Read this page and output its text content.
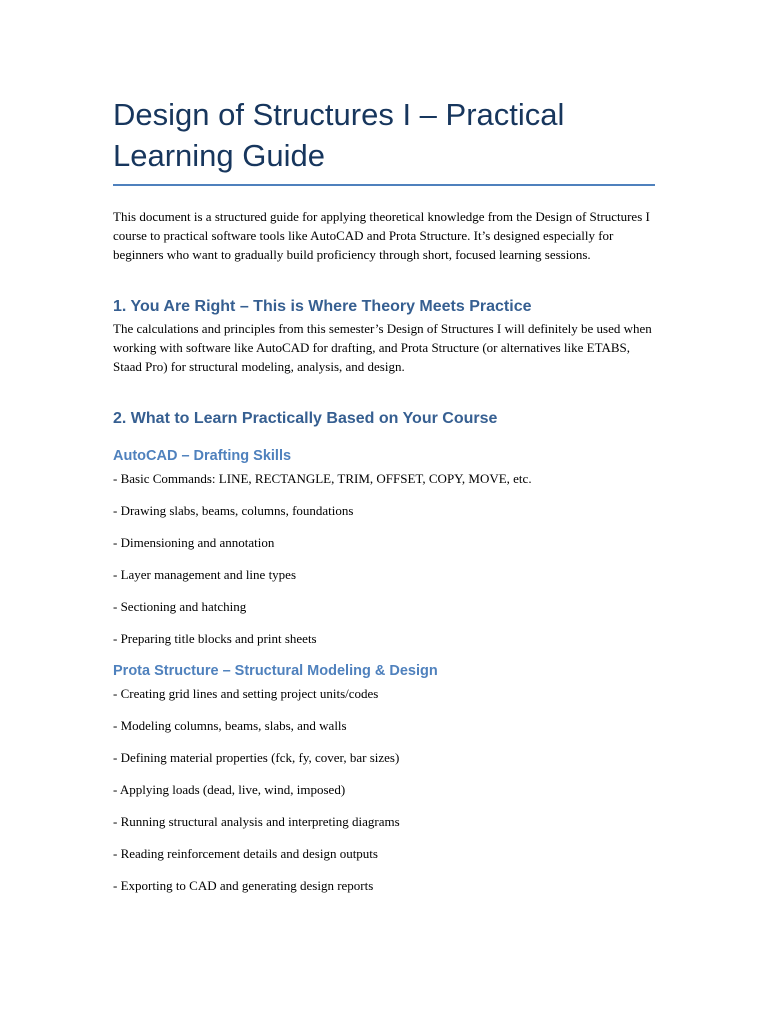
Design of Structures I – Practical Learning Guide

This document is a structured guide for applying theoretical knowledge from the Design of Structures I course to practical software tools like AutoCAD and Prota Structure. It’s designed especially for beginners who want to gradually build proficiency through short, focused learning sessions.

1. You Are Right – This is Where Theory Meets Practice

The calculations and principles from this semester’s Design of Structures I will definitely be used when working with software like AutoCAD for drafting, and Prota Structure (or alternatives like ETABS, Staad Pro) for structural modeling, analysis, and design.

2. What to Learn Practically Based on Your Course
AutoCAD – Drafting Skills

- Basic Commands: LINE, RECTANGLE, TRIM, OFFSET, COPY, MOVE, etc.

- Drawing slabs, beams, columns, foundations

- Dimensioning and annotation

- Layer management and line types

- Sectioning and hatching

- Preparing title blocks and print sheets

Prota Structure – Structural Modeling & Design

- Creating grid lines and setting project units/codes

- Modeling columns, beams, slabs, and walls

- Defining material properties (fck, fy, cover, bar sizes)

- Applying loads (dead, live, wind, imposed)

- Running structural analysis and interpreting diagrams

- Reading reinforcement details and design outputs

- Exporting to CAD and generating design reports
